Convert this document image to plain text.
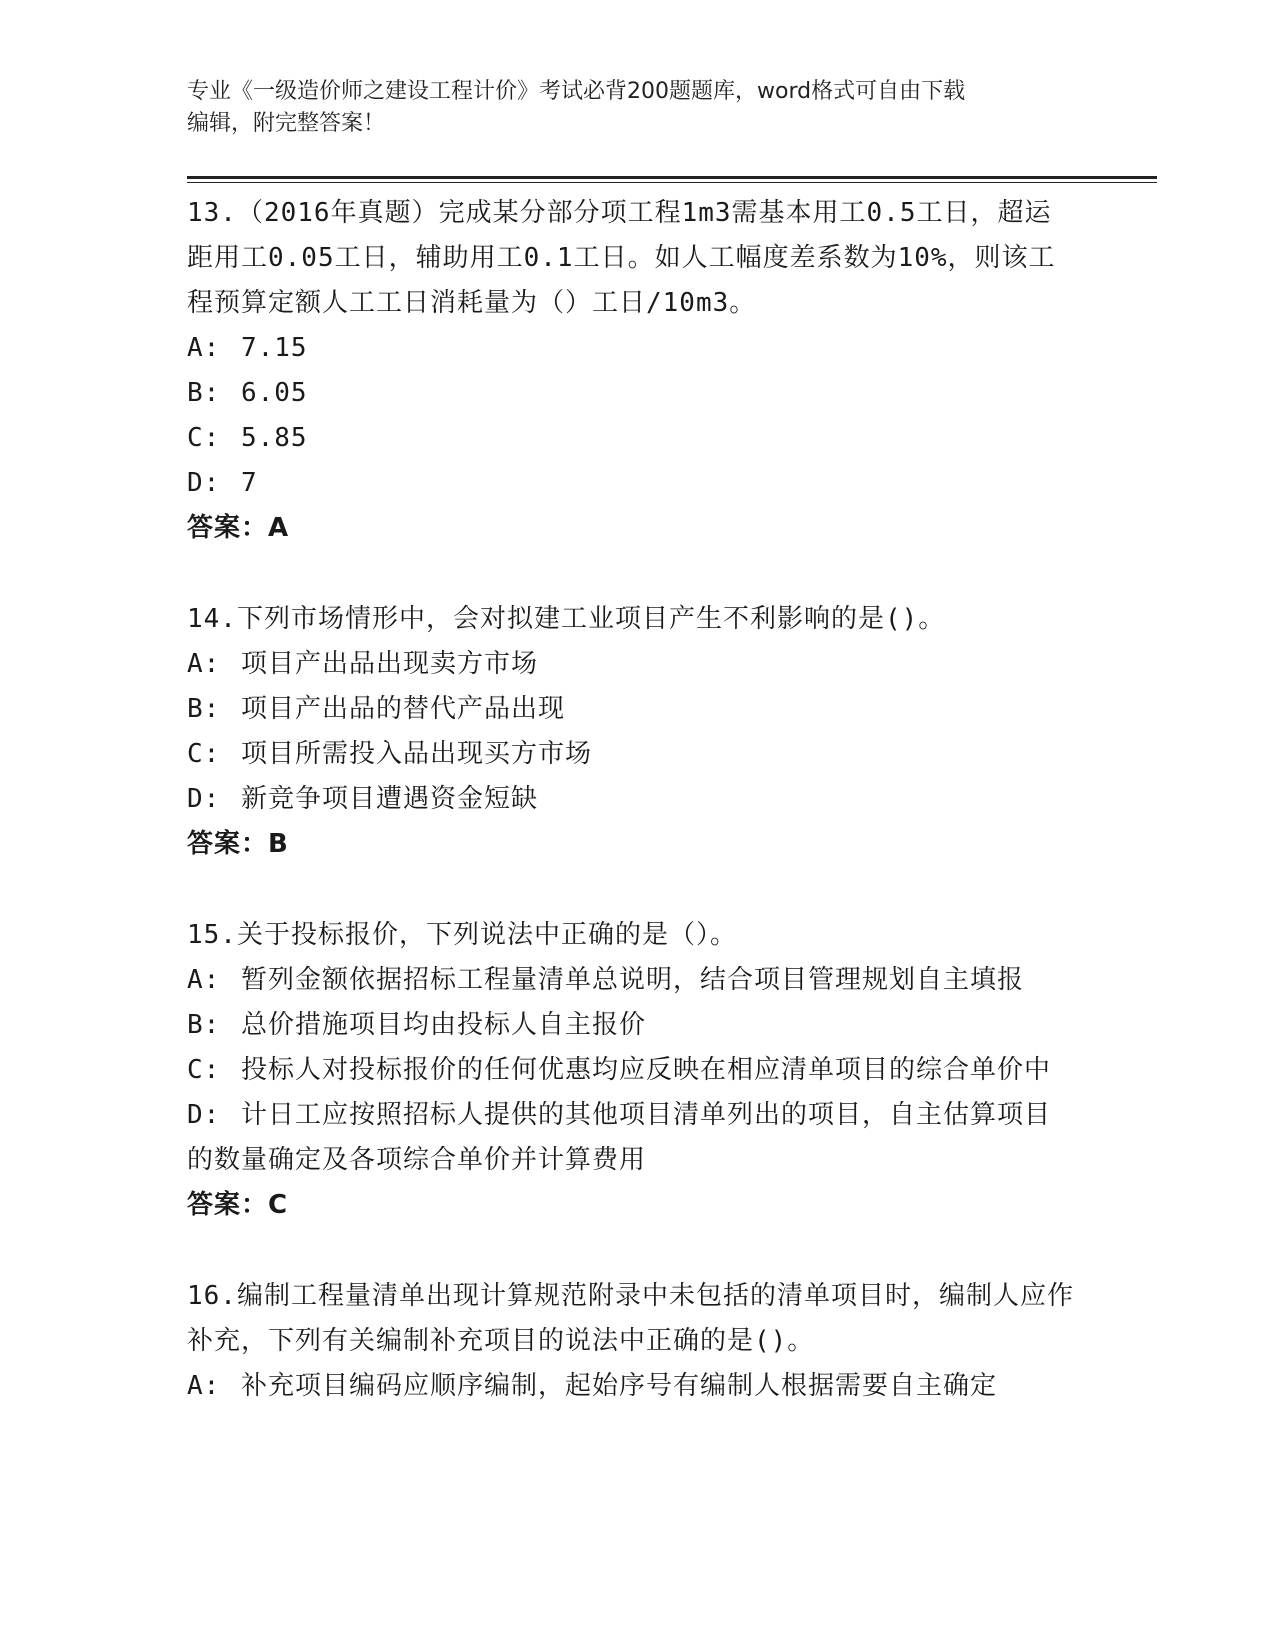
专业《一级造价师之建设工程计价》考试必背200题题库，word格式可自由下载
编辑，附完整答案！
13.（2016年真题）完成某分部分项工程1m3需基本用工0.5工日，超运距用工0.05工日，辅助用工0.1工日。如人工幅度差系数为10%，则该工程预算定额人工工日消耗量为（）工日/10m3。
A: 7.15
B: 6.05
C: 5.85
D: 7
答案：A
14.下列市场情形中，会对拟建工业项目产生不利影响的是()。
A: 项目产出品出现卖方市场
B: 项目产出品的替代产品出现
C: 项目所需投入品出现买方市场
D: 新竞争项目遭遇资金短缺
答案：B
15.关于投标报价，下列说法中正确的是（）。
A: 暂列金额依据招标工程量清单总说明，结合项目管理规划自主填报
B: 总价措施项目均由投标人自主报价
C: 投标人对投标报价的任何优惠均应反映在相应清单项目的综合单价中
D: 计日工应按照招标人提供的其他项目清单列出的项目，自主估算项目的数量确定及各项综合单价并计算费用
答案：C
16.编制工程量清单出现计算规范附录中未包括的清单项目时，编制人应作补充，下列有关编制补充项目的说法中正确的是()。
A: 补充项目编码应顺序编制，起始序号有编制人根据需要自主确定
